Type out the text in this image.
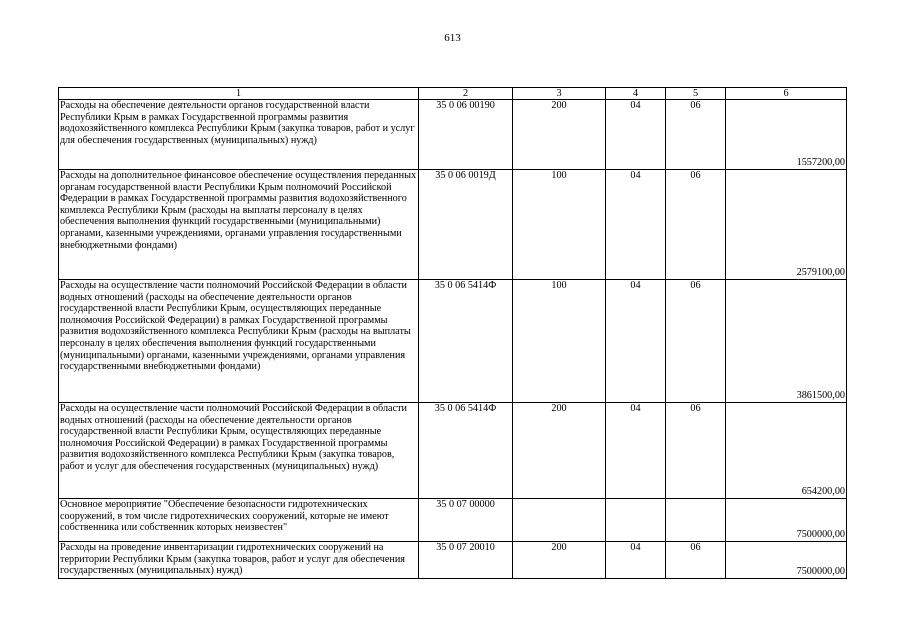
613
1	2	3	4	5	6
Расходы на обеспечение деятельности органов государственной власти Республики Крым в рамках Государственной программы развития водохозяйственного комплекса Республики Крым (закупка товаров, работ и услуг для обеспечения государственных (муниципальных) нужд)	35 0 06 00190	200	04	06	1557200,00
Расходы на дополнительное финансовое обеспечение осуществления переданных органам государственной власти Республики Крым полномочий Российской Федерации в рамках Государственной программы развития водохозяйственного комплекса Республики Крым (расходы на выплаты персоналу в целях обеспечения выполнения функций государственными (муниципальными) органами, казенными учреждениями, органами управления государственными внебюджетными фондами)	35 0 06 0019Д	100	04	06	2579100,00
Расходы на осуществление части полномочий Российской Федерации в области водных отношений (расходы на обеспечение деятельности органов государственной власти Республики Крым, осуществляющих переданные полномочия Российской Федерации) в рамках Государственной программы развития водохозяйственного комплекса Республики Крым (расходы на выплаты персоналу в целях обеспечения выполнения функций государственными (муниципальными) органами, казенными учреждениями, органами управления государственными внебюджетными фондами)	35 0 06 5414Ф	100	04	06	3861500,00
Расходы на осуществление части полномочий Российской Федерации в области водных отношений (расходы на обеспечение деятельности органов государственной власти Республики Крым, осуществляющих переданные полномочия Российской Федерации) в рамках Государственной программы развития водохозяйственного комплекса Республики Крым (закупка товаров, работ и услуг для обеспечения государственных (муниципальных) нужд)	35 0 06 5414Ф	200	04	06	654200,00
Основное мероприятие "Обеспечение безопасности гидротехнических сооружений, в том числе гидротехнических сооружений, которые не имеют собственника или собственник которых неизвестен"	35 0 07 00000				7500000,00
Расходы на проведение инвентаризации гидротехнических сооружений на территории Республики Крым (закупка товаров, работ и услуг для обеспечения государственных (муниципальных) нужд)	35 0 07 20010	200	04	06	7500000,00
